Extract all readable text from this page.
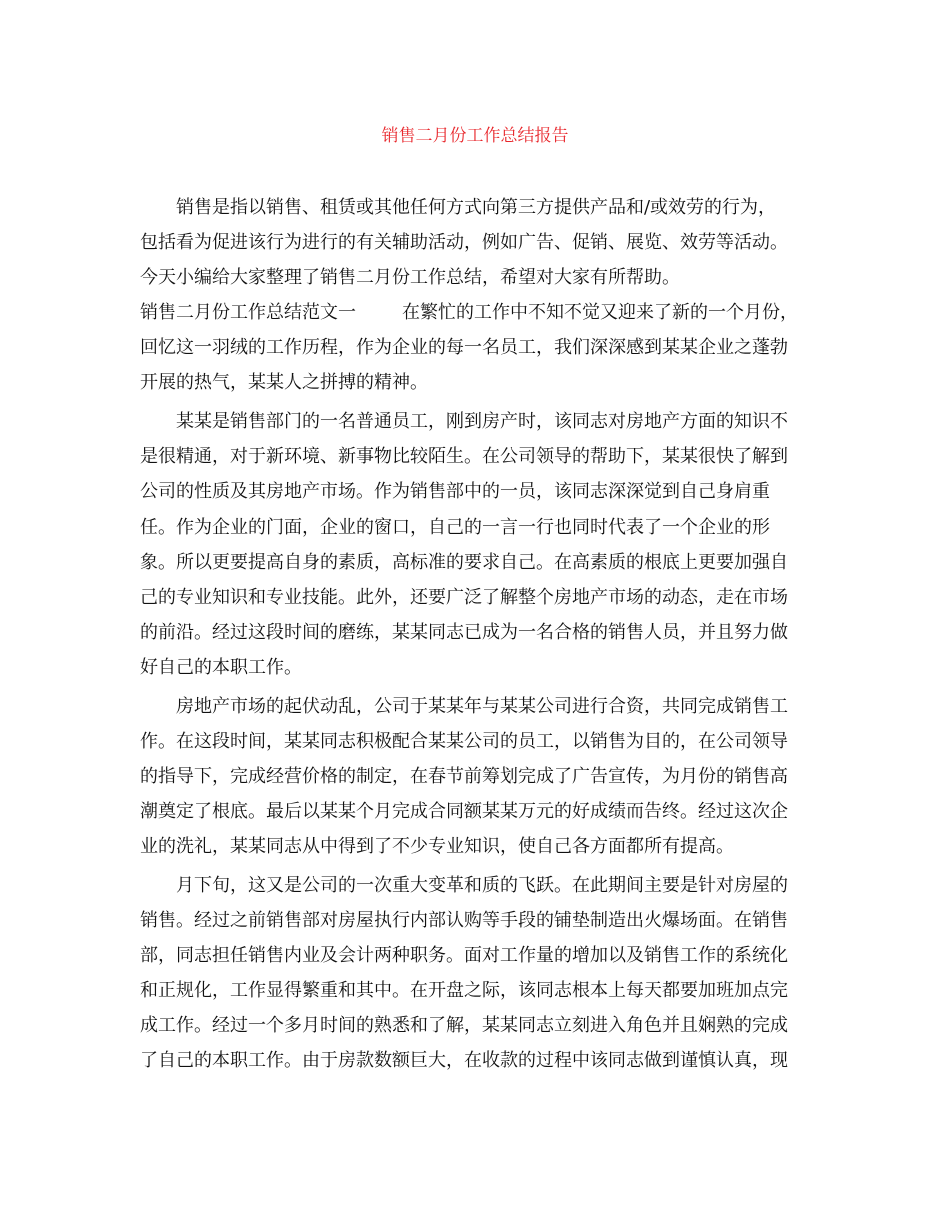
销售二月份工作总结报告
销售是指以销售、租赁或其他任何方式向第三方提供产品和/或效劳的行为，
包括看为促进该行为进行的有关辅助活动，例如广告、促销、展览、效劳等活动。
今天小编给大家整理了销售二月份工作总结，希望对大家有所帮助。
销售二月份工作总结范文一	在繁忙的工作中不知不觉又迎来了新的一个月份，
回忆这一羽绒的工作历程，作为企业的每一名员工，我们深深感到某某企业之蓬勃
开展的热气，某某人之拼搏的精神。
某某是销售部门的一名普通员工，刚到房产时，该同志对房地产方面的知识不
是很精通，对于新环境、新事物比较陌生。在公司领导的帮助下，某某很快了解到
公司的性质及其房地产市场。作为销售部中的一员，该同志深深觉到自己身肩重
任。作为企业的门面，企业的窗口，自己的一言一行也同时代表了一个企业的形
象。所以更要提高自身的素质，高标准的要求自己。在高素质的根底上更要加强自
己的专业知识和专业技能。此外，还要广泛了解整个房地产市场的动态，走在市场
的前沿。经过这段时间的磨练，某某同志已成为一名合格的销售人员，并且努力做
好自己的本职工作。
房地产市场的起伏动乱，公司于某某年与某某公司进行合资，共同完成销售工
作。在这段时间，某某同志积极配合某某公司的员工，以销售为目的，在公司领导
的指导下，完成经营价格的制定，在春节前筹划完成了广告宣传，为月份的销售高
潮奠定了根底。最后以某某个月完成合同额某某万元的好成绩而告终。经过这次企
业的洗礼，某某同志从中得到了不少专业知识，使自己各方面都所有提高。
月下旬，这又是公司的一次重大变革和质的飞跃。在此期间主要是针对房屋的
销售。经过之前销售部对房屋执行内部认购等手段的铺垫制造出火爆场面。在销售
部，同志担任销售内业及会计两种职务。面对工作量的增加以及销售工作的系统化
和正规化，工作显得繁重和其中。在开盘之际，该同志根本上每天都要加班加点完
成工作。经过一个多月时间的熟悉和了解，某某同志立刻进入角色并且娴熟的完成
了自己的本职工作。由于房款数额巨大，在收款的过程中该同志做到谨慎认真，现
